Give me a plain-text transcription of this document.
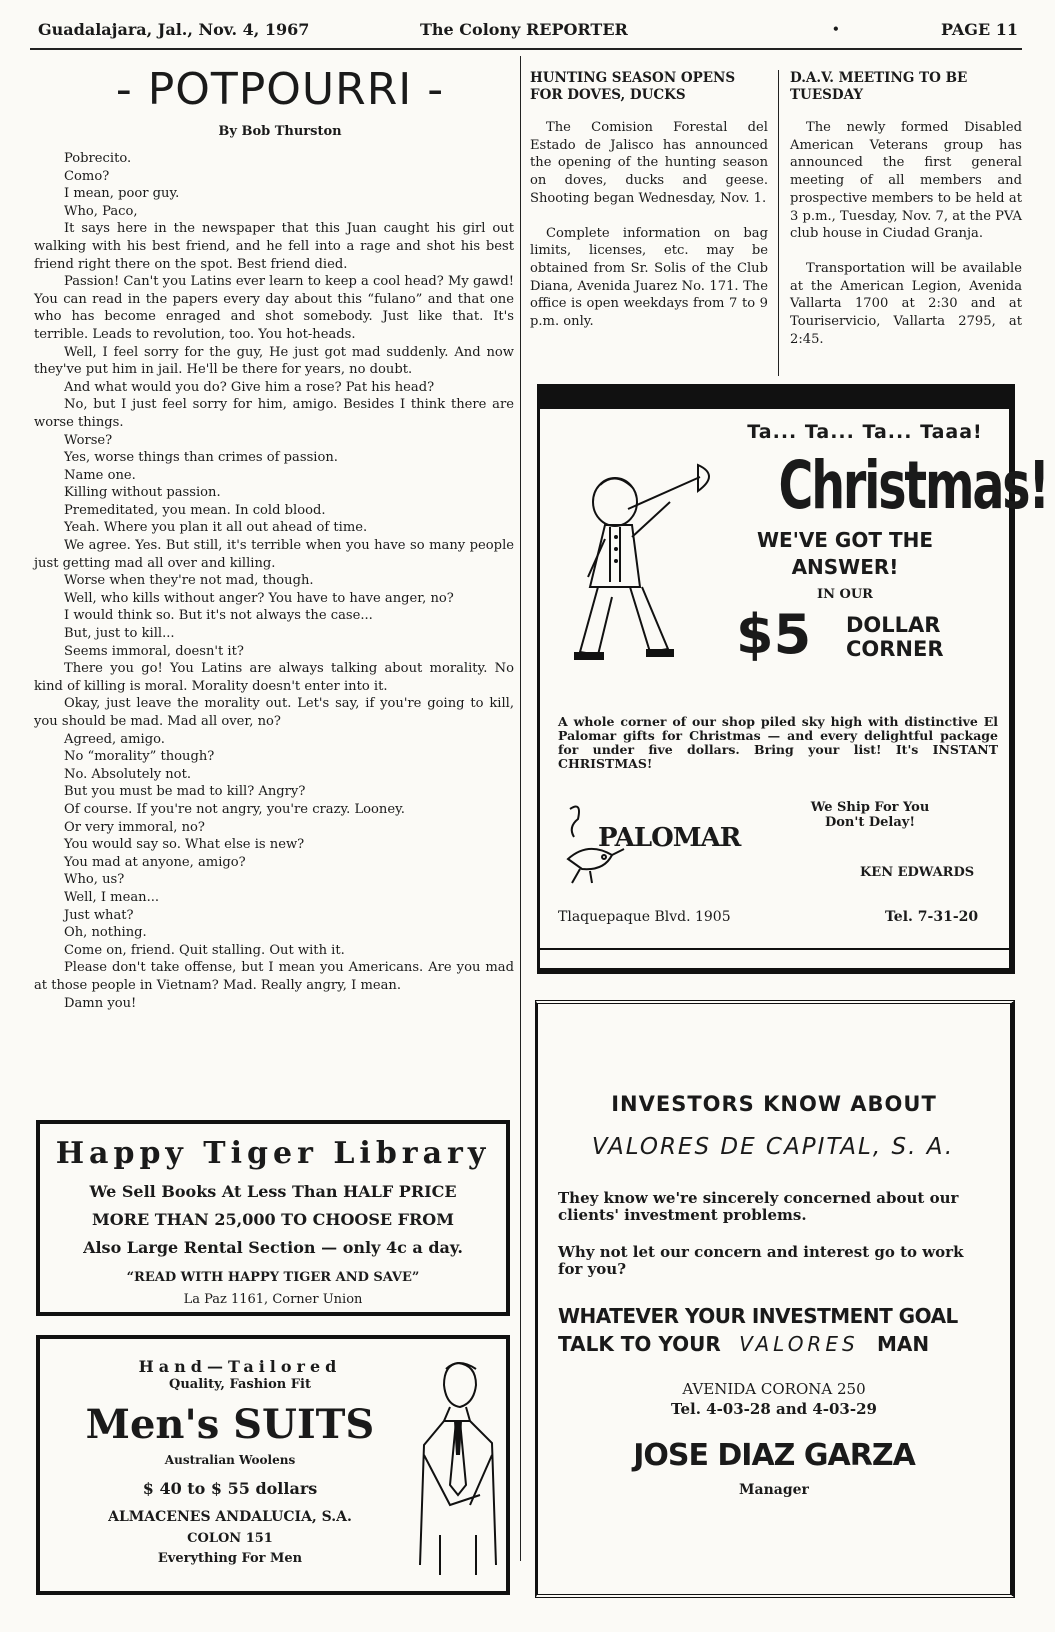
Guadalajara, Jal., Nov. 4, 1967	The Colony REPORTER	•	PAGE 11
- POTPOURRI -
By Bob Thurston

Pobrecito.

Como?

I mean, poor guy.

Who, Paco,

It says here in the newspaper that this Juan caught his girl out walking with his best friend, and he fell into a rage and shot his best friend right there on the spot. Best friend died.

Passion! Can't you Latins ever learn to keep a cool head? My gawd! You can read in the papers every day about this “fulano” and that one who has become enraged and shot somebody. Just like that. It's terrible. Leads to revolution, too. You hot-heads.

Well, I feel sorry for the guy, He just got mad suddenly. And now they've put him in jail. He'll be there for years, no doubt.

And what would you do? Give him a rose? Pat his head?

No, but I just feel sorry for him, amigo. Besides I think there are worse things.

Worse?

Yes, worse things than crimes of passion.

Name one.

Killing without passion.

Premeditated, you mean. In cold blood.

Yeah. Where you plan it all out ahead of time.

We agree. Yes. But still, it's terrible when you have so many people just getting mad all over and killing.

Worse when they're not mad, though.

Well, who kills without anger? You have to have anger, no?

I would think so. But it's not always the case...

But, just to kill...

Seems immoral, doesn't it?

There you go! You Latins are always talking about morality. No kind of killing is moral. Morality doesn't enter into it.

Okay, just leave the morality out. Let's say, if you're going to kill, you should be mad. Mad all over, no?

Agreed, amigo.

No “morality” though?

No. Absolutely not.

But you must be mad to kill? Angry?

Of course. If you're not angry, you're crazy. Looney.

Or very immoral, no?

You would say so. What else is new?

You mad at anyone, amigo?

Who, us?

Well, I mean...

Just what?

Oh, nothing.

Come on, friend. Quit stalling. Out with it.

Please don't take offense, but I mean you Americans. Are you mad at those people in Vietnam? Mad. Really angry, I mean.

Damn you!

HUNTING SEASON OPENS FOR DOVES, DUCKS

The Comision Forestal del Estado de Jalisco has announced the opening of the hunting season on doves, ducks and geese. Shooting began Wednesday, Nov. 1.

Complete information on bag limits, licenses, etc. may be obtained from Sr. Solis of the Club Diana, Avenida Juarez No. 171. The office is open weekdays from 7 to 9 p.m. only.

D.A.V. MEETING TO BE TUESDAY

The newly formed Disabled American Veterans group has announced the first general meeting of all members and prospective members to be held at 3 p.m., Tuesday, Nov. 7, at the PVA club house in Ciudad Granja.

Transportation will be available at the American Legion, Avenida Vallarta 1700 at 2:30 and at Touriservicio, Vallarta 2795, at 2:45.

Ta... Ta... Ta... Taaa!
Christmas!
WE'VE GOT THE ANSWER!
IN OUR
$5 DOLLAR
CORNER
A whole corner of our shop piled sky high with distinctive El Palomar gifts for Christmas — and every delightful package for under five dollars. Bring your list! It's INSTANT CHRISTMAS!
PALOMAR
We Ship For You Don't Delay!
KEN EDWARDS
Tlaquepaque Blvd. 1905	Tel. 7-31-20
Happy Tiger Library
We Sell Books At Less Than HALF PRICE
MORE THAN 25,000 TO CHOOSE FROM
Also Large Rental Section — only 4c a day.
“READ WITH HAPPY TIGER AND SAVE”
La Paz 1161, Corner Union
Hand—Tailored
Quality, Fashion Fit
Men's SUITS
Australian Woolens
$ 40 to $ 55 dollars
ALMACENES ANDALUCIA, S.A.
COLON 151
Everything For Men
INVESTORS KNOW ABOUT
VALORES DE CAPITAL, S. A.
They know we're sincerely concerned about our clients' investment problems.
Why not let our concern and interest go to work for you?
WHATEVER YOUR INVESTMENT GOAL
TALK TO YOUR VALORES MAN
AVENIDA CORONA 250
Tel. 4-03-28 and 4-03-29
JOSE DIAZ GARZA
Manager
